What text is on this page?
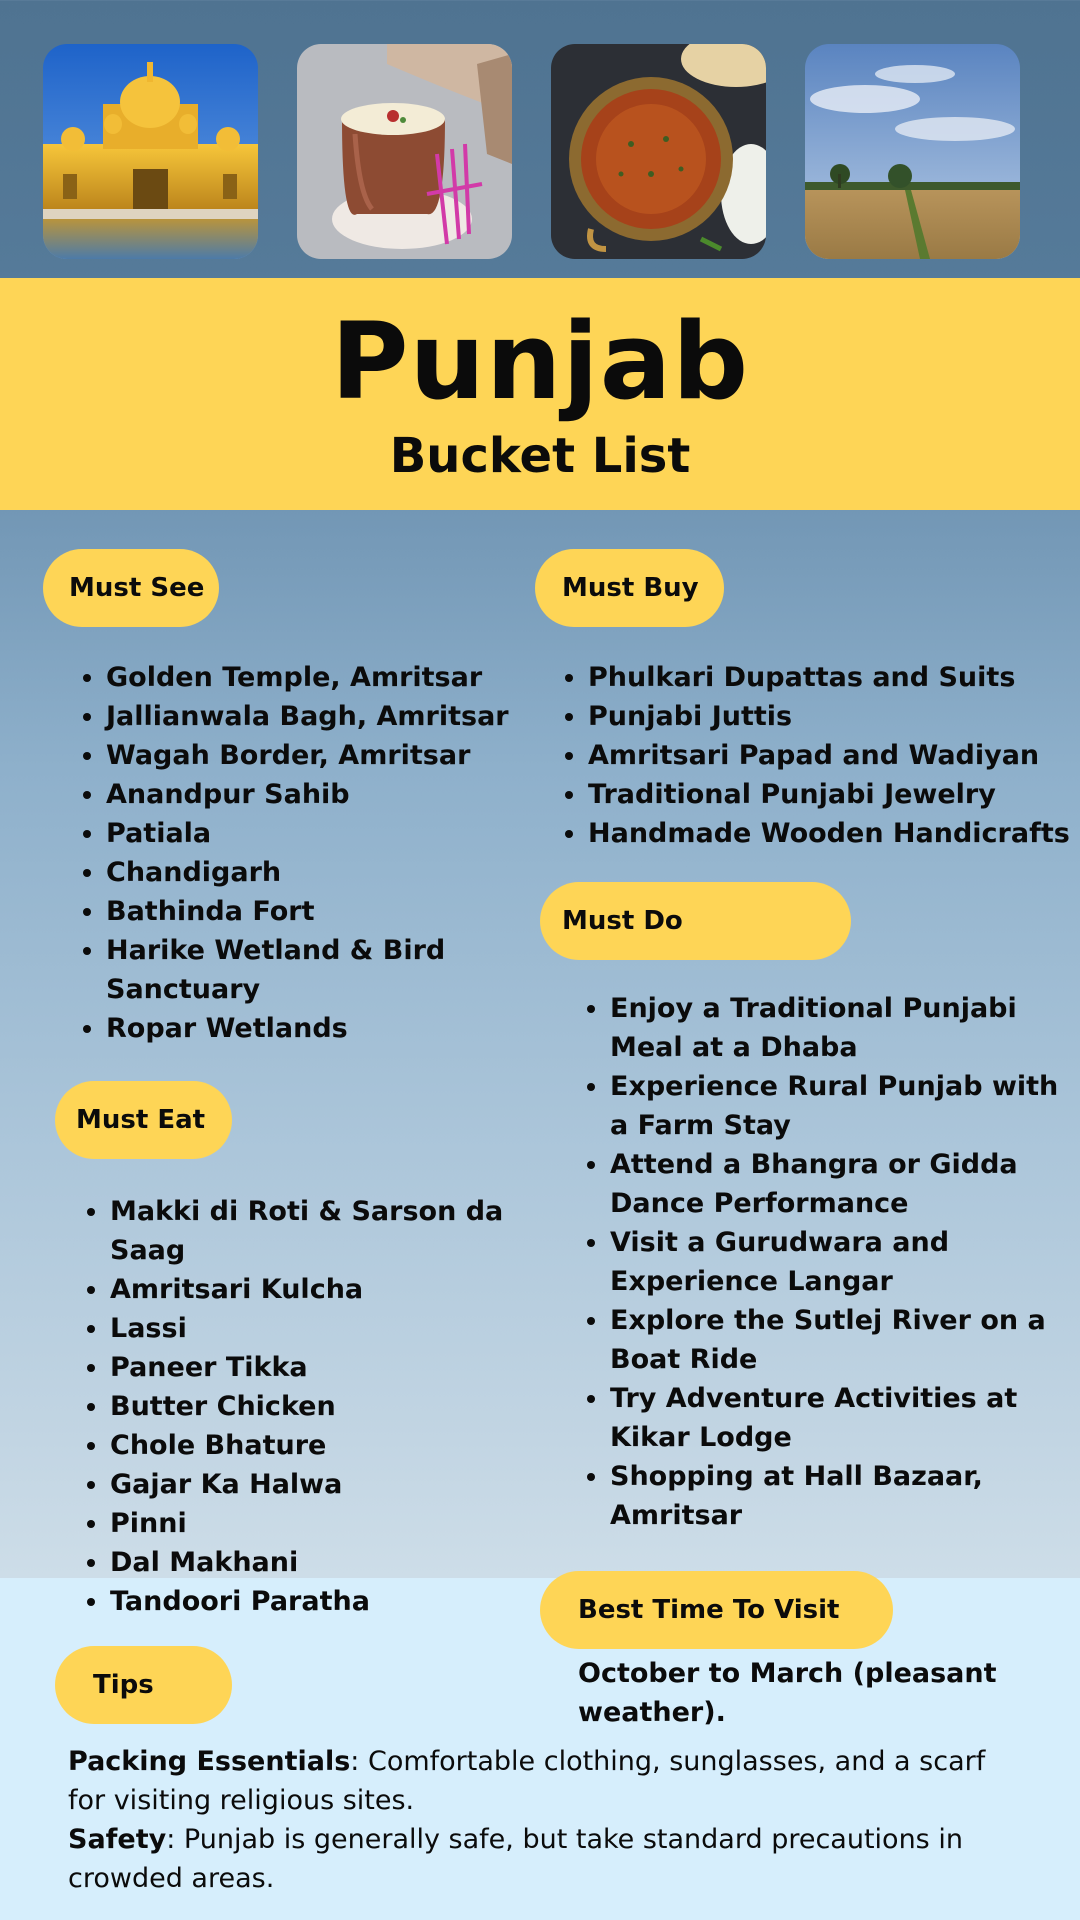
Punjab
Bucket List
Must See
• Golden Temple, Amritsar
• Jallianwala Bagh, Amritsar
• Wagah Border, Amritsar
• Anandpur Sahib
• Patiala
• Chandigarh
• Bathinda Fort
• Harike Wetland & Bird Sanctuary
• Ropar Wetlands
Must Buy
• Phulkari Dupattas and Suits
• Punjabi Juttis
• Amritsari Papad and Wadiyan
• Traditional Punjabi Jewelry
• Handmade Wooden Handicrafts
Must Do
• Enjoy a Traditional Punjabi Meal at a Dhaba
• Experience Rural Punjab with a Farm Stay
• Attend a Bhangra or Gidda Dance Performance
• Visit a Gurudwara and Experience Langar
• Explore the Sutlej River on a Boat Ride
• Try Adventure Activities at Kikar Lodge
• Shopping at Hall Bazaar, Amritsar
Must Eat
• Makki di Roti & Sarson da Saag
• Amritsari Kulcha
• Lassi
• Paneer Tikka
• Butter Chicken
• Chole Bhature
• Gajar Ka Halwa
• Pinni
• Dal Makhani
• Tandoori Paratha	Best Time To Visit
October to March (pleasant weather).
Tips

Packing Essentials: Comfortable clothing, sunglasses, and a scarf for visiting religious sites.

Safety: Punjab is generally safe, but take standard precautions in crowded areas.
